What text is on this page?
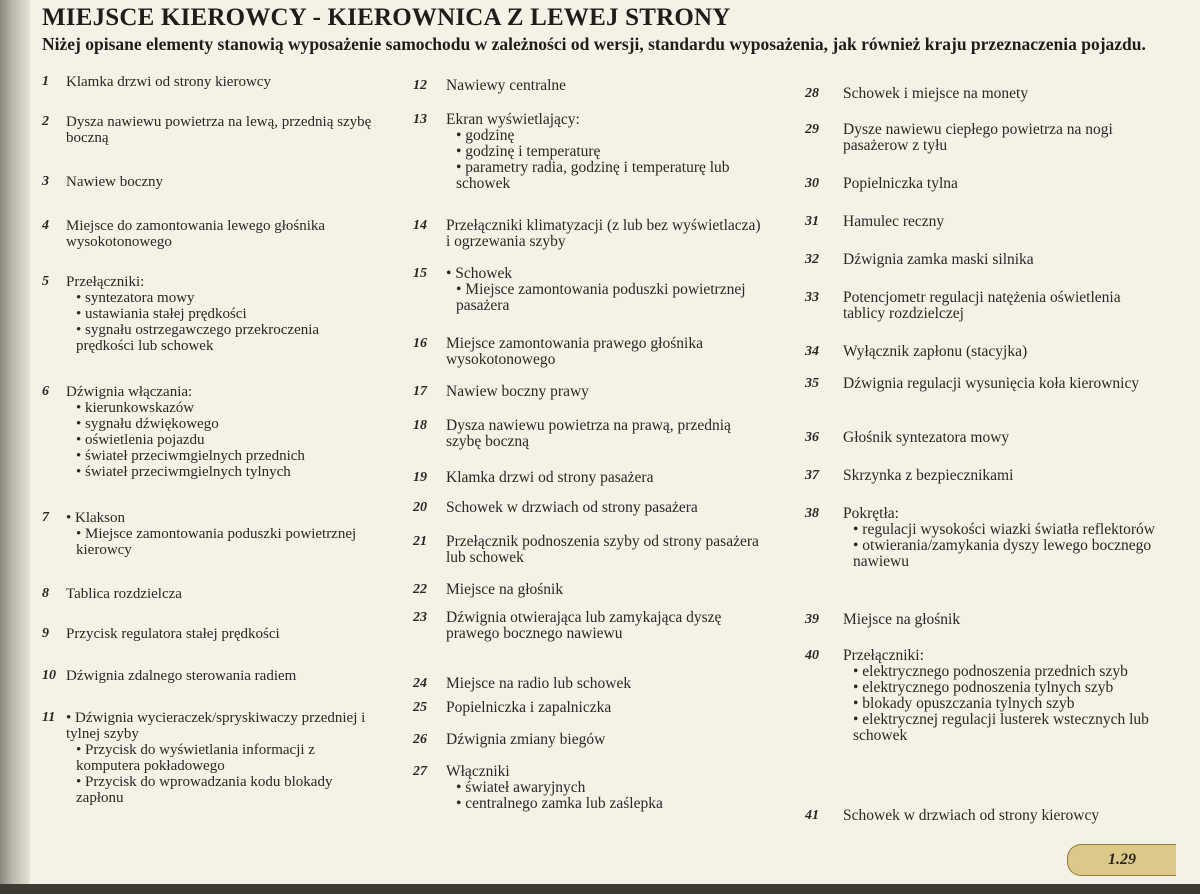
MIEJSCE KIEROWCY - KIEROWNICA Z LEWEJ STRONY
Niżej opisane elementy stanowią wyposażenie samochodu w zależności od wersji, standardu wyposażenia, jak również kraju przeznaczenia pojazdu.
1 Klamka drzwi od strony kierowcy
2 Dysza nawiewu powietrza na lewą, przednią szybę boczną
3 Nawiew boczny
4 Miejsce do zamontowania lewego głośnika wysokotonowego
5 Przełączniki:
• syntezatora mowy
• ustawiania stałej prędkości
• sygnału ostrzegawczego przekroczenia prędkości lub schowek
6 Dźwignia włączania:
• kierunkowskazów
• sygnału dźwiękowego
• oświetlenia pojazdu
• świateł przeciwmgielnych przednich
• świateł przeciwmgielnych tylnych
7 • Klakson
• Miejsce zamontowania poduszki powietrznej kierowcy
8 Tablica rozdzielcza
9 Przycisk regulatora stałej prędkości
10 Dźwignia zdalnego sterowania radiem
11 • Dźwignia wycieraczek/spryskiwaczy przedniej i tylnej szyby
• Przycisk do wyświetlania informacji z komputera pokładowego
• Przycisk do wprowadzania kodu blokady zapłonu
12 Nawiewy centralne
13 Ekran wyświetlający:
• godzinę
• godzinę i temperaturę
• parametry radia, godzinę i temperaturę lub schowek
14 Przełączniki klimatyzacji (z lub bez wyświetlacza) i ogrzewania szyby
15 • Schowek
• Miejsce zamontowania poduszki powietrznej pasażera
16 Miejsce zamontowania prawego głośnika wysokotonowego
17 Nawiew boczny prawy
18 Dysza nawiewu powietrza na prawą, przednią szybę boczną
19 Klamka drzwi od strony pasażera
20 Schowek w drzwiach od strony pasażera
21 Przełącznik podnoszenia szyby od strony pasażera lub schowek
22 Miejsce na głośnik
23 Dźwignia otwierająca lub zamykająca dyszę prawego bocznego nawiewu
24 Miejsce na radio lub schowek
25 Popielniczka i zapalniczka
26 Dźwignia zmiany biegów
27 Włączniki
• świateł awaryjnych
• centralnego zamka lub zaślepka
28 Schowek i miejsce na monety
29 Dysze nawiewu ciepłego powietrza na nogi pasażerow z tyłu
30 Popielniczka tylna
31 Hamulec reczny
32 Dźwignia zamka maski silnika
33 Potencjometr regulacji natężenia oświetlenia tablicy rozdzielczej
34 Wyłącznik zapłonu (stacyjka)
35 Dźwignia regulacji wysunięcia koła kierownicy
36 Głośnik syntezatora mowy
37 Skrzynka z bezpiecznikami
38 Pokrętła:
• regulacji wysokości wiazki światła reflektorów
• otwierania/zamykania dyszy lewego bocznego nawiewu
39 Miejsce na głośnik
40 Przełączniki:
• elektrycznego podnoszenia przednich szyb
• elektrycznego podnoszenia tylnych szyb
• blokady opuszczania tylnych szyb
• elektrycznej regulacji lusterek wstecznych lub schowek
41 Schowek w drzwiach od strony kierowcy
1.29
